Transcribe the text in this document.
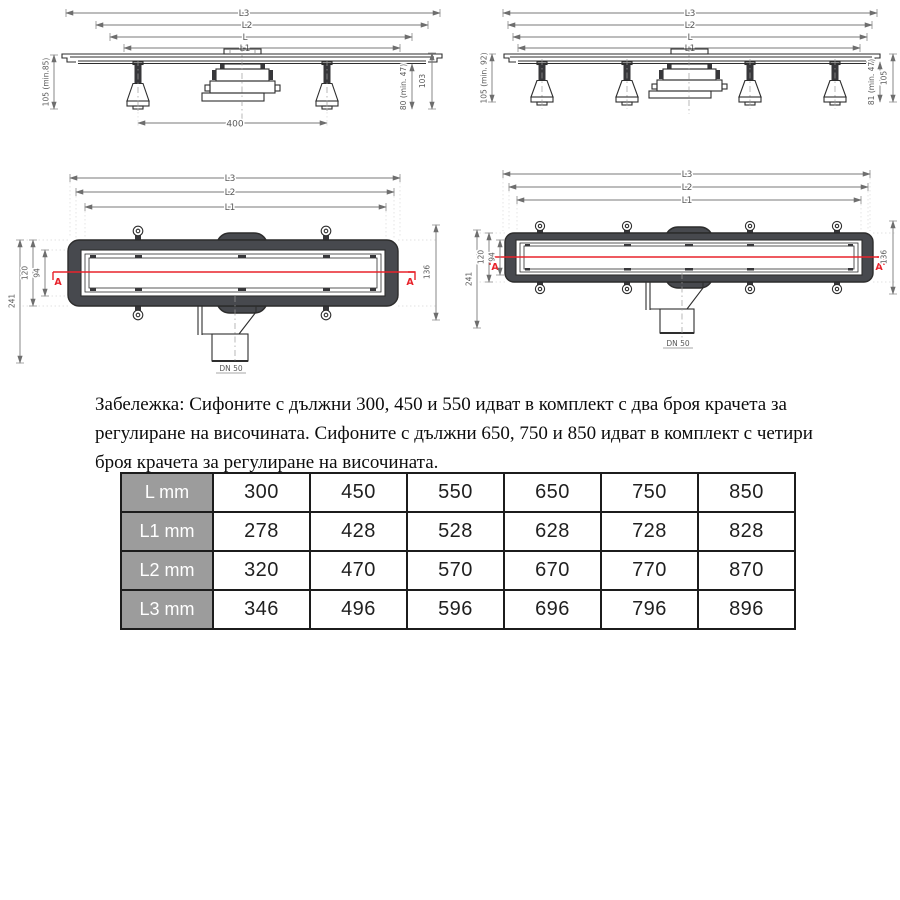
L3
L2
L
L1
400
105 (min.85)	80 (min. 47) 103
L3
L2
L
L1
105 (min. 92)	81 (min. 47) 105
L3
L2
L1
A	A
DN 50
241
120 94	136
L3
L2
L1
A	A
DN 50
241
120 94	136
Забележка: Сифоните с дължни 300, 450 и 550 идват в комплект с два броя крачета за регулиране на височината. Сифоните с дължни 650, 750 и 850 идват в комплект с четири броя крачета за регулиране на височината.
L mm	300	450	550	650	750	850
L1 mm	278	428	528	628	728	828
L2 mm	320	470	570	670	770	870
L3 mm	346	496	596	696	796	896
